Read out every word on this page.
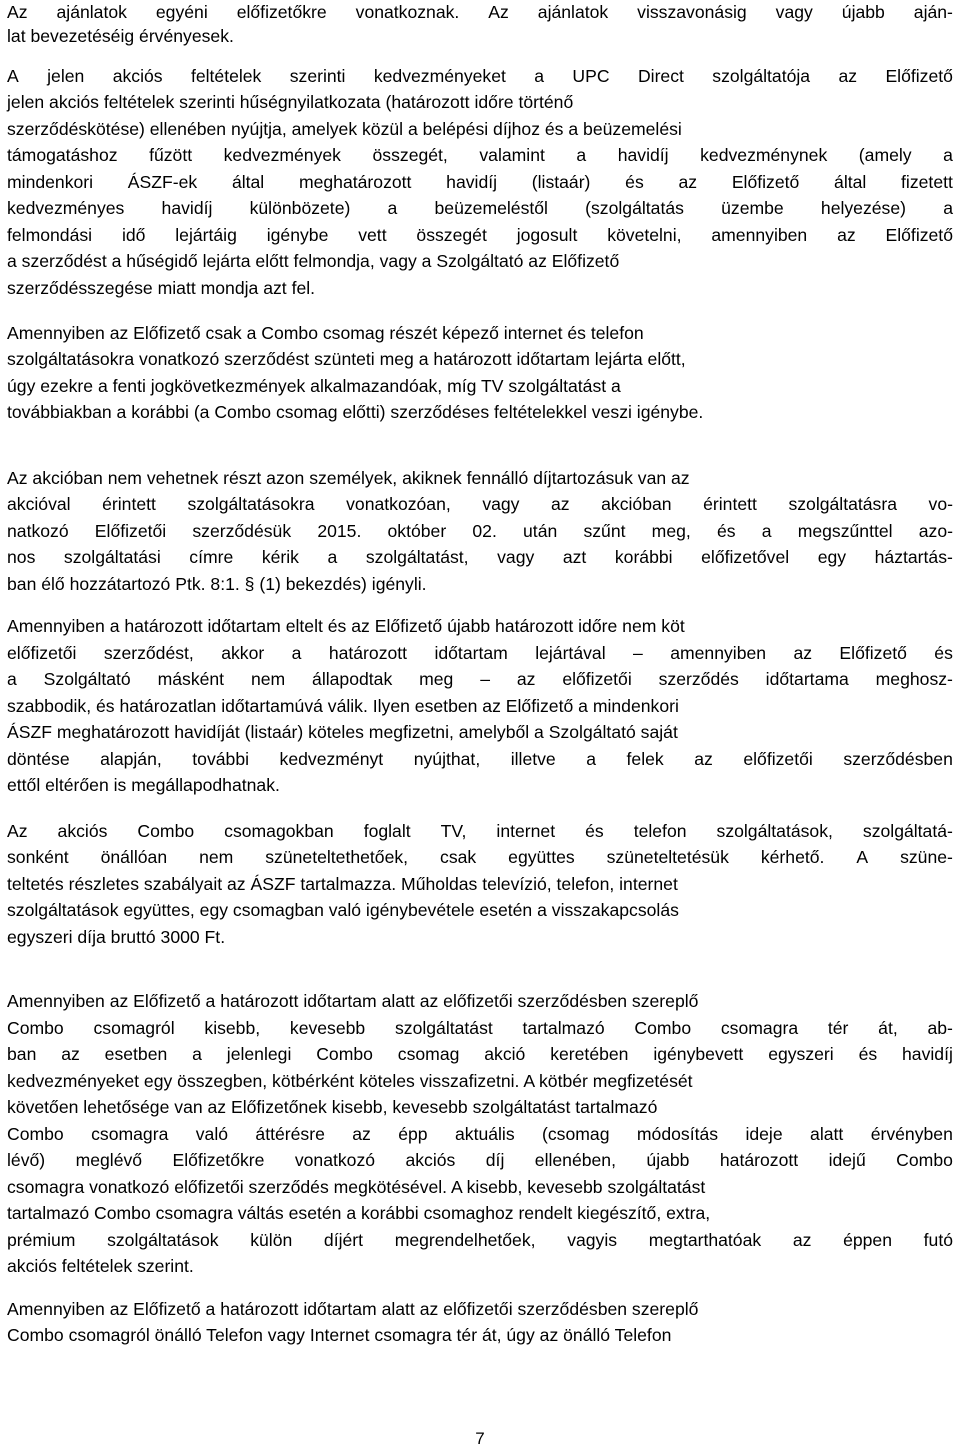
Az ajánlatok egyéni előfizetőkre vonatkoznak. Az ajánlatok visszavonásig vagy újabb aján-
lat bevezetéséig érvényesek.
A jelen akciós feltételek szerinti kedvezményeket a UPC Direct szolgáltatója az Előfizető
jelen akciós feltételek szerinti hűségnyilatkozata (határozott időre történő
szerződéskötése) ellenében nyújtja, amelyek közül a belépési díjhoz és a beüzemelési
támogatáshoz fűzött kedvezmények összegét, valamint a havidíj kedvezménynek (amely a
mindenkori ÁSZF-ek által meghatározott havidíj (listaár) és az Előfizető által fizetett
kedvezményes havidíj különbözete) a beüzemeléstől (szolgáltatás üzembe helyezése) a
felmondási idő lejártáig igénybe vett összegét jogosult követelni, amennyiben az Előfizető
a szerződést a hűségidő lejárta előtt felmondja, vagy a Szolgáltató az Előfizető
szerződésszegése miatt mondja azt fel.
Amennyiben az Előfizető csak a Combo csomag részét képező internet és telefon
szolgáltatásokra vonatkozó szerződést szünteti meg a határozott időtartam lejárta előtt,
úgy ezekre a fenti jogkövetkezmények alkalmazandóak, míg TV szolgáltatást a
továbbiakban a korábbi (a Combo csomag előtti) szerződéses feltételekkel veszi igénybe.
Az akcióban nem vehetnek részt azon személyek, akiknek fennálló díjtartozásuk van az
akcióval érintett szolgáltatásokra vonatkozóan, vagy az akcióban érintett szolgáltatásra vo-
natkozó Előfizetői szerződésük 2015. október 02. után szűnt meg, és a megszűnttel azo-
nos szolgáltatási címre kérik a szolgáltatást, vagy azt korábbi előfizetővel egy háztartás-
ban élő hozzátartozó Ptk. 8:1. § (1) bekezdés) igényli.
Amennyiben a határozott időtartam eltelt és az Előfizető újabb határozott időre nem köt
előfizetői szerződést, akkor a határozott időtartam lejártával – amennyiben az Előfizető és
a Szolgáltató másként nem állapodtak meg – az előfizetői szerződés időtartama meghosz-
szabbodik, és határozatlan időtartamúvá válik. Ilyen esetben az Előfizető a mindenkori
ÁSZF meghatározott havidíját (listaár) köteles megfizetni, amelyből a Szolgáltató saját
döntése alapján, további kedvezményt nyújthat, illetve a felek az előfizetői szerződésben
ettől eltérően is megállapodhatnak.
Az akciós Combo csomagokban foglalt TV, internet és telefon szolgáltatások, szolgáltatá-
sonként önállóan nem szüneteltethetőek, csak együttes szüneteltetésük kérhető. A szüne-
teltetés részletes szabályait az ÁSZF tartalmazza. Műholdas televízió, telefon, internet
szolgáltatások együttes, egy csomagban való igénybevétele esetén a visszakapcsolás
egyszeri díja bruttó 3000 Ft.
Amennyiben az Előfizető a határozott időtartam alatt az előfizetői szerződésben szereplő
Combo csomagról kisebb, kevesebb szolgáltatást tartalmazó Combo csomagra tér át, ab-
ban az esetben a jelenlegi Combo csomag akció keretében igénybevett egyszeri és havidíj
kedvezményeket egy összegben, kötbérként köteles visszafizetni. A kötbér megfizetését
követően lehetősége van az Előfizetőnek kisebb, kevesebb szolgáltatást tartalmazó
Combo csomagra való áttérésre az épp aktuális (csomag módosítás ideje alatt érvényben
lévő) meglévő Előfizetőkre vonatkozó akciós díj ellenében, újabb határozott idejű Combo
csomagra vonatkozó előfizetői szerződés megkötésével. A kisebb, kevesebb szolgáltatást
tartalmazó Combo csomagra váltás esetén a korábbi csomaghoz rendelt kiegészítő, extra,
prémium szolgáltatások külön díjért megrendelhetőek, vagyis megtarthatóak az éppen futó
akciós feltételek szerint.
Amennyiben az Előfizető a határozott időtartam alatt az előfizetői szerződésben szereplő
Combo csomagról önálló Telefon vagy Internet csomagra tér át, úgy az önálló Telefon
7
